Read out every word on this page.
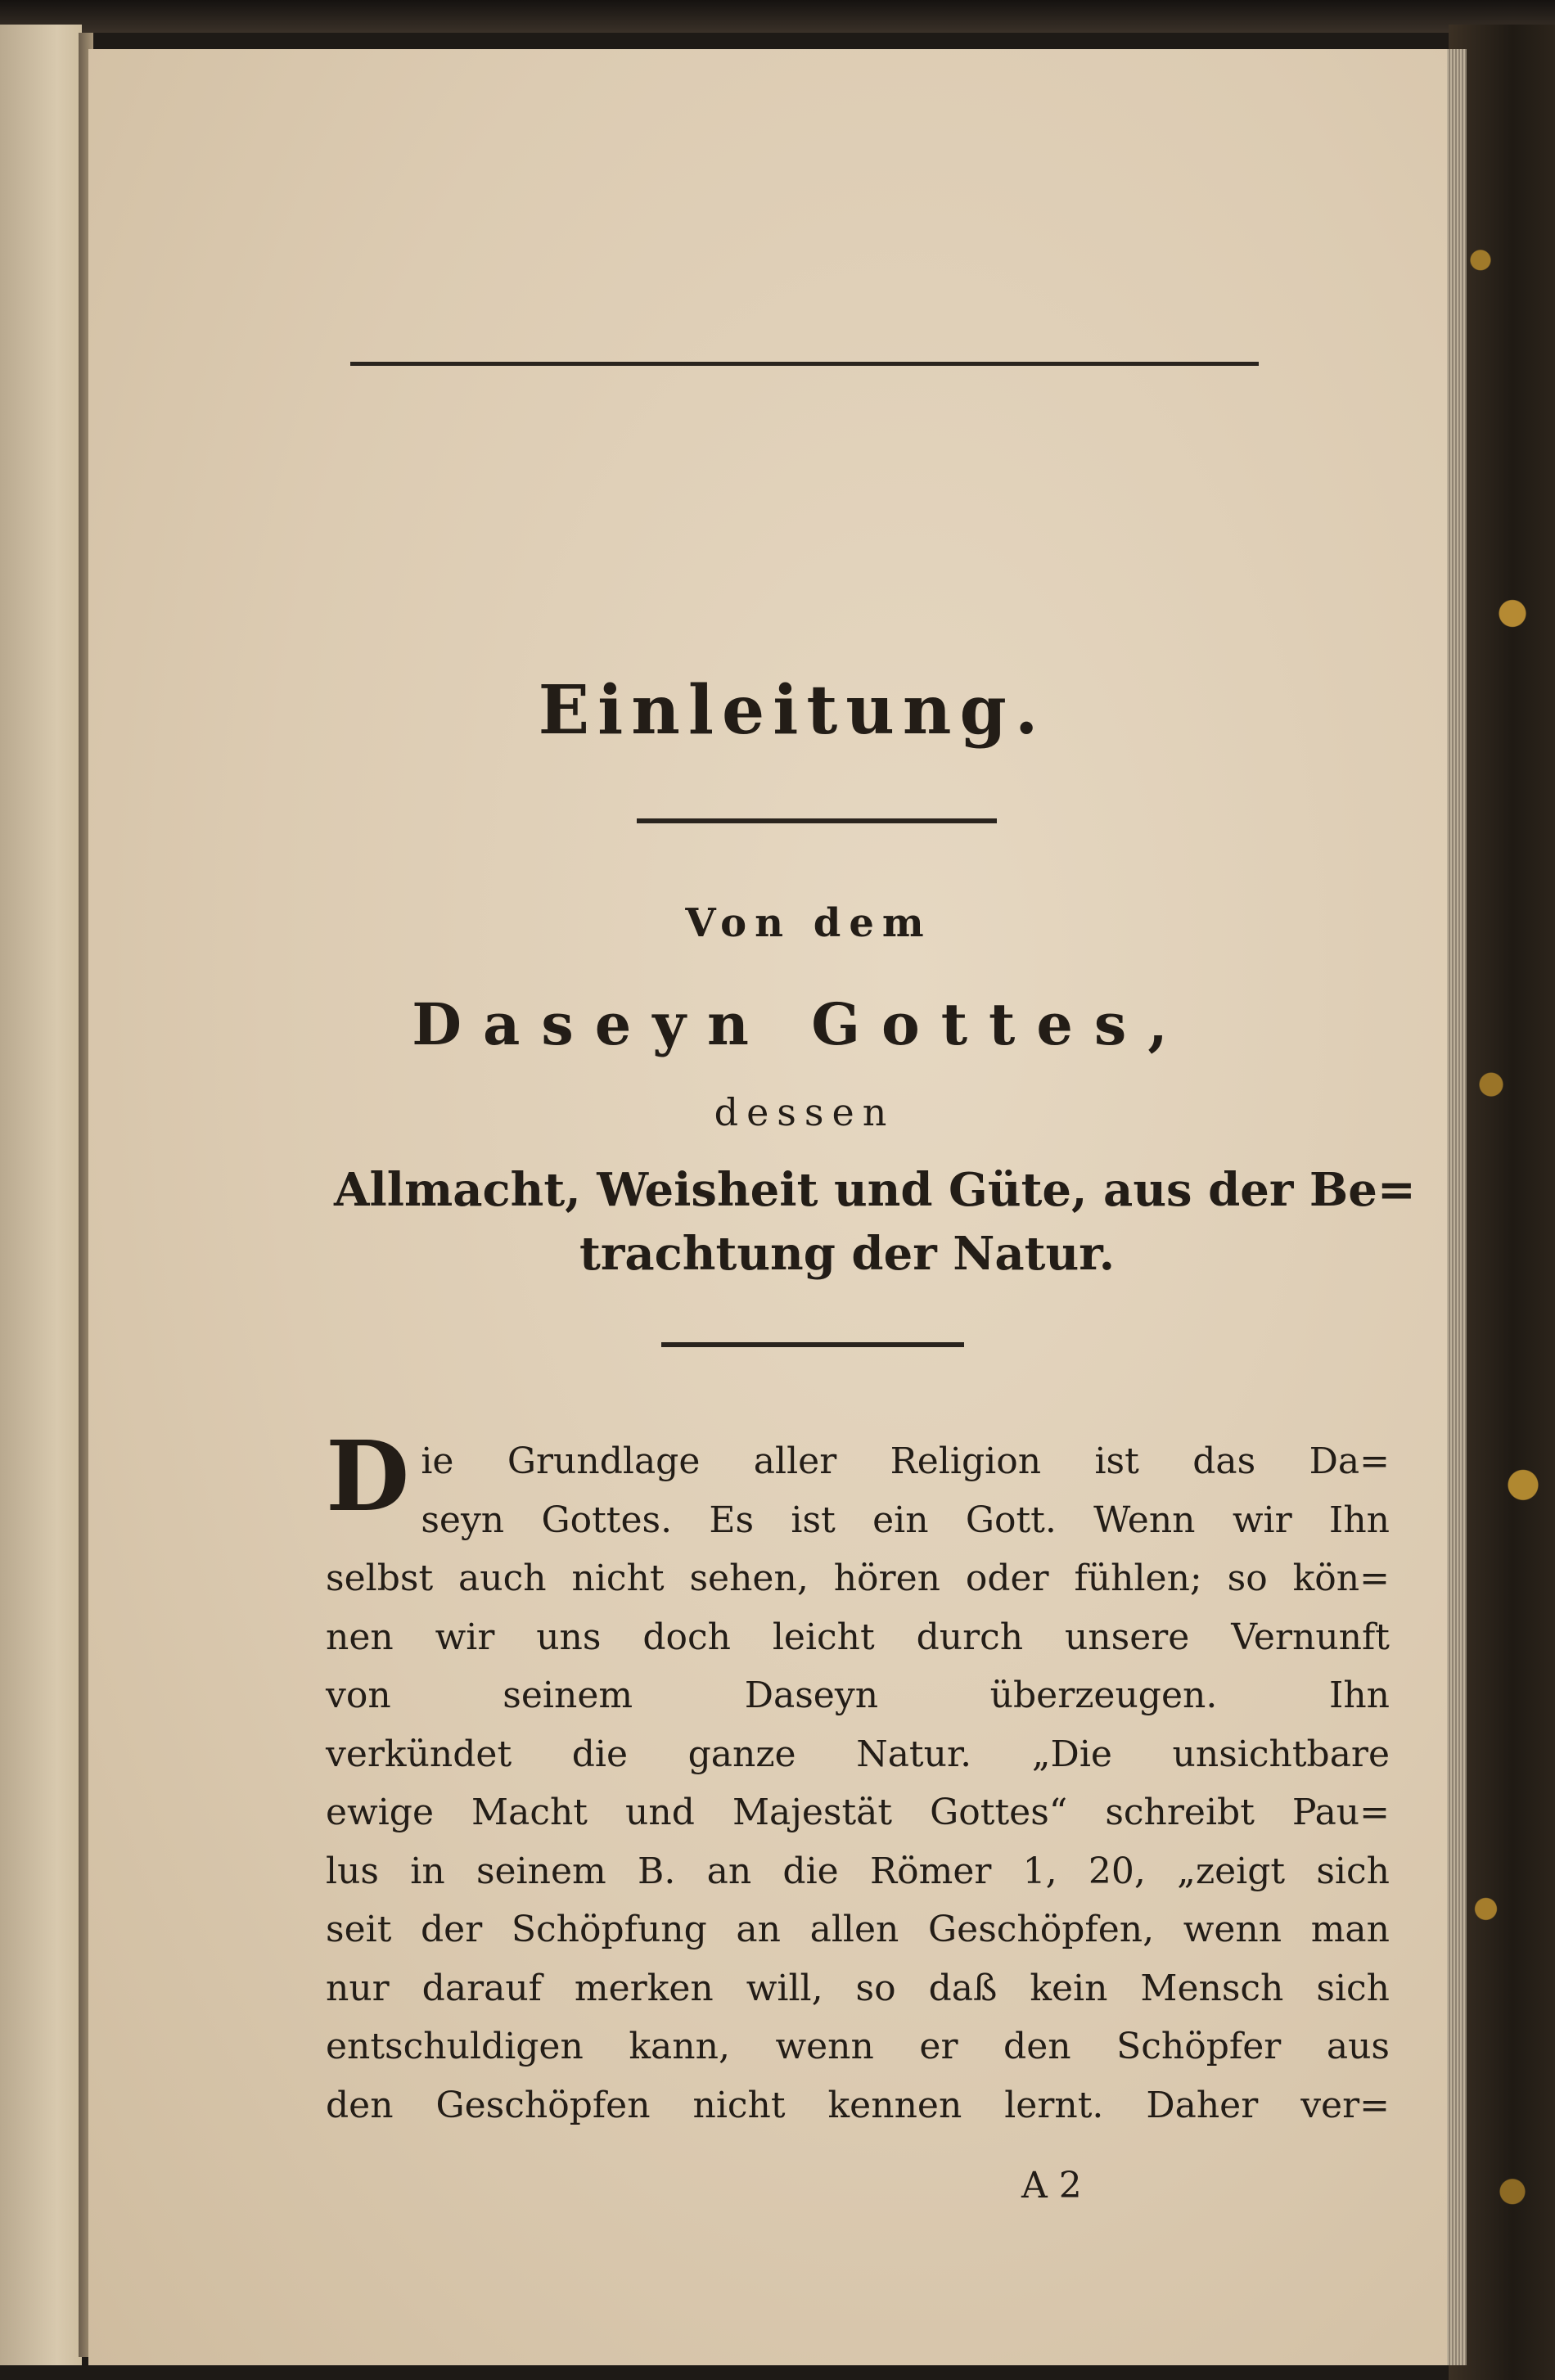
Einleitung.
Von dem
Daseyn Gottes,
dessen
Allmacht, Weisheit und Güte, aus der Be=
trachtung der Natur.
D ie Grundlage aller Religion ist das Da=
seyn Gottes. Es ist ein Gott. Wenn wir Ihn
selbst auch nicht sehen, hören oder fühlen; so kön=
nen wir uns doch leicht durch unsere Vernunft
von seinem Daseyn überzeugen. Ihn
verkündet die ganze Natur. „Die unsichtbare
ewige Macht und Majestät Gottes“ schreibt Pau=
lus in seinem B. an die Römer 1, 20, „zeigt sich
seit der Schöpfung an allen Geschöpfen, wenn man
nur darauf merken will, so daß kein Mensch sich
entschuldigen kann, wenn er den Schöpfer aus
den Geschöpfen nicht kennen lernt. Daher ver=
A 2
